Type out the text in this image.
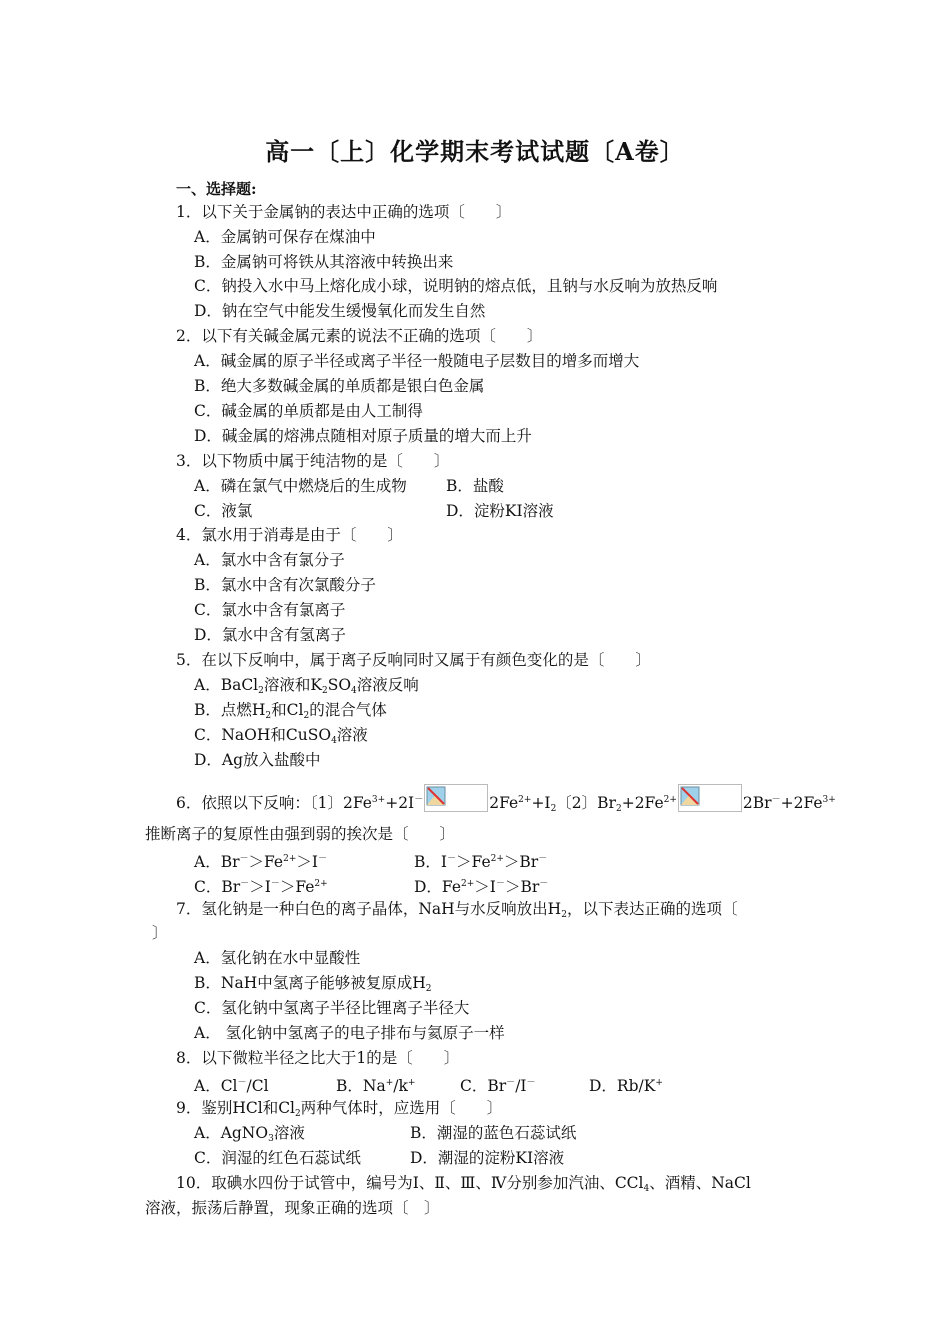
高一〔上〕化学期末考试试题〔A卷〕
一、选择题:
1．以下关于金属钠的表达中正确的选项〔　　〕
A．金属钠可保存在煤油中
B．金属钠可将铁从其溶液中转换出来
C．钠投入水中马上熔化成小球，说明钠的熔点低，且钠与水反响为放热反响
D．钠在空气中能发生缓慢氧化而发生自然
2．以下有关碱金属元素的说法不正确的选项〔　　〕
A．碱金属的原子半径或离子半径一般随电子层数目的增多而增大
B．绝大多数碱金属的单质都是银白色金属
C．碱金属的单质都是由人工制得
D．碱金属的熔沸点随相对原子质量的增大而上升
3．以下物质中属于纯洁物的是〔　　〕
A．磷在氯气中燃烧后的生成物	B．盐酸
C．液氯	D．淀粉KI溶液
4．氯水用于消毒是由于〔　　〕
A．氯水中含有氯分子
B．氯水中含有次氯酸分子
C．氯水中含有氯离子
D．氯水中含有氢离子
5．在以下反响中，属于离子反响同时又属于有颜色变化的是〔　　〕
A．BaCl$_2$溶液和$K_2SO_4$溶液反响
B．点燃$H_2$和$Cl_2$的混合气体
C．NaOH和CuSO$_4$溶液
D．Ag放入盐酸中
6．依照以下反响：〔1〕$2Fe^{3+}+2I^-$	$2Fe^{2+}+I_2$〔2〕$Br_2+2Fe^{2+}$	$2Br^-+2Fe^{3+}$
推断离子的复原性由强到弱的挨次是〔　　〕
A．$Br^->Fe^{2+}>I^-$	B．$I^->Fe^{2+}>Br^-$
C．$Br^->I^->Fe^{2+}$	D．$Fe^{2+}>I^->Br^-$
7．氢化钠是一种白色的离子晶体，NaH与水反响放出$H_2$，以下表达正确的选项〔
〕
A．氢化钠在水中显酸性
B．NaH中氢离子能够被复原成$H_2$
C．氢化钠中氢离子半径比锂离子半径大
A． 氢化钠中氢离子的电子排布与氦原子一样
8．以下微粒半径之比大于1的是〔　　〕
A．Cl－/Cl	B．Na+/k+	C．Br－/I－	D．Rb/K+
9．鉴别HCl和$Cl_2$两种气体时，应选用〔　　〕
A．AgNO$_3$溶液	B．潮湿的蓝色石蕊试纸
C．润湿的红色石蕊试纸	D．潮湿的淀粉KI溶液
10．取碘水四份于试管中，编号为Ⅰ、Ⅱ、Ⅲ、Ⅳ分别参加汽油、CCl$_4$、酒精、NaCl
溶液，振荡后静置，现象正确的选项〔　〕
